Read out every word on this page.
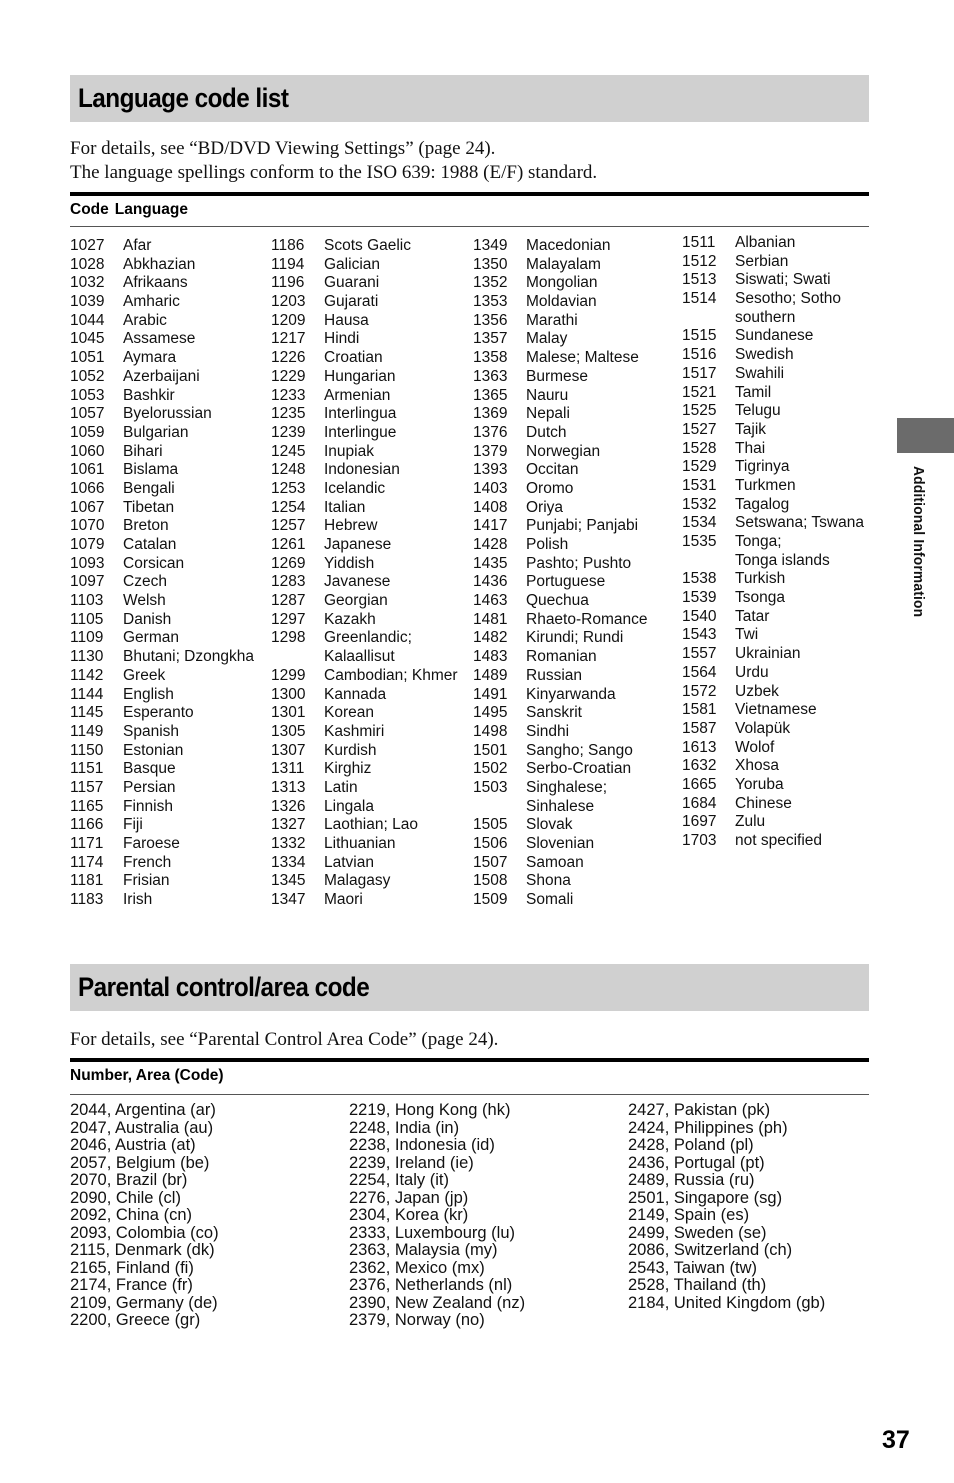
Language code list

For details, see “BD/DVD Viewing Settings” (page 24).

The language spellings conform to the ISO 639: 1988 (E/F) standard.

Code Language
1027 Afar
1028 Abkhazian
1032 Afrikaans
1039 Amharic
1044 Arabic
1045 Assamese
1051 Aymara
1052 Azerbaijani
1053 Bashkir
1057 Byelorussian
1059 Bulgarian
1060 Bihari
1061 Bislama
1066 Bengali
1067 Tibetan
1070 Breton
1079 Catalan
1093 Corsican
1097 Czech
1103 Welsh
1105 Danish
1109 German
1130 Bhutani; Dzongkha
1142 Greek
1144 English
1145 Esperanto
1149 Spanish
1150 Estonian
1151 Basque
1157 Persian
1165 Finnish
1166 Fiji
1171 Faroese
1174 French
1181 Frisian
1183 Irish
1186 Scots Gaelic
1194 Galician
1196 Guarani
1203 Gujarati
1209 Hausa
1217 Hindi
1226 Croatian
1229 Hungarian
1233 Armenian
1235 Interlingua
1239 Interlingue
1245 Inupiak
1248 Indonesian
1253 Icelandic
1254 Italian
1257 Hebrew
1261 Japanese
1269 Yiddish
1283 Javanese
1287 Georgian
1297 Kazakh
1298 Greenlandic;
Kalaallisut
1299 Cambodian; Khmer
1300 Kannada
1301 Korean
1305 Kashmiri
1307 Kurdish
1311 Kirghiz
1313 Latin
1326 Lingala
1327 Laothian; Lao
1332 Lithuanian
1334 Latvian
1345 Malagasy
1347 Maori
1349 Macedonian
1350 Malayalam
1352 Mongolian
1353 Moldavian
1356 Marathi
1357 Malay
1358 Malese; Maltese
1363 Burmese
1365 Nauru
1369 Nepali
1376 Dutch
1379 Norwegian
1393 Occitan
1403 Oromo
1408 Oriya
1417 Punjabi; Panjabi
1428 Polish
1435 Pashto; Pushto
1436 Portuguese
1463 Quechua
1481 Rhaeto-Romance
1482 Kirundi; Rundi
1483 Romanian
1489 Russian
1491 Kinyarwanda
1495 Sanskrit
1498 Sindhi
1501 Sangho; Sango
1502 Serbo-Croatian
1503 Singhalese;
Sinhalese
1505 Slovak
1506 Slovenian
1507 Samoan
1508 Shona
1509 Somali
1511 Albanian
1512 Serbian
1513 Siswati; Swati
1514 Sesotho; Sotho
southern
1515 Sundanese
1516 Swedish
1517 Swahili
1521 Tamil
1525 Telugu
1527 Tajik
1528 Thai
1529 Tigrinya
1531 Turkmen
1532 Tagalog
1534 Setswana; Tswana
1535 Tonga;
Tonga islands
1538 Turkish
1539 Tsonga
1540 Tatar
1543 Twi
1557 Ukrainian
1564 Urdu
1572 Uzbek
1581 Vietnamese
1587 Volapük
1613 Wolof
1632 Xhosa
1665 Yoruba
1684 Chinese
1697 Zulu
1703 not specified
Parental control/area code

For details, see “Parental Control Area Code” (page 24).

Number, Area (Code)
2044, Argentina (ar)
2047, Australia (au)
2046, Austria (at)
2057, Belgium (be)
2070, Brazil (br)
2090, Chile (cl)
2092, China (cn)
2093, Colombia (co)
2115, Denmark (dk)
2165, Finland (fi)
2174, France (fr)
2109, Germany (de)
2200, Greece (gr)
2219, Hong Kong (hk)
2248, India (in)
2238, Indonesia (id)
2239, Ireland (ie)
2254, Italy (it)
2276, Japan (jp)
2304, Korea (kr)
2333, Luxembourg (lu)
2363, Malaysia (my)
2362, Mexico (mx)
2376, Netherlands (nl)
2390, New Zealand (nz)
2379, Norway (no)
2427, Pakistan (pk)
2424, Philippines (ph)
2428, Poland (pl)
2436, Portugal (pt)
2489, Russia (ru)
2501, Singapore (sg)
2149, Spain (es)
2499, Sweden (se)
2086, Switzerland (ch)
2543, Taiwan (tw)
2528, Thailand (th)
2184, United Kingdom (gb)
Additional Information
37
